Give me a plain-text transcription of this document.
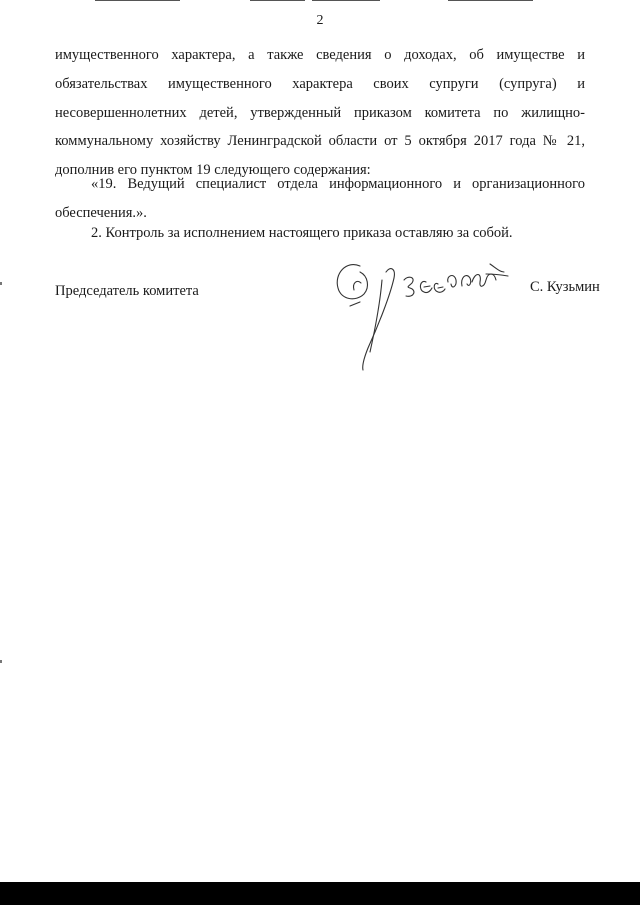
2
имущественного характера, а также сведения о доходах, об имуществе и обязательствах имущественного характера своих супруги (супруга) и несовершеннолетних детей, утвержденный приказом комитета по жилищно-коммунальному хозяйству Ленинградской области от 5 октября 2017 года № 21, дополнив его пунктом 19 следующего содержания:
«19. Ведущий специалист отдела информационного и организационного обеспечения.».
2. Контроль за исполнением настоящего приказа оставляю за собой.
Председатель комитета	С. Кузьмин
